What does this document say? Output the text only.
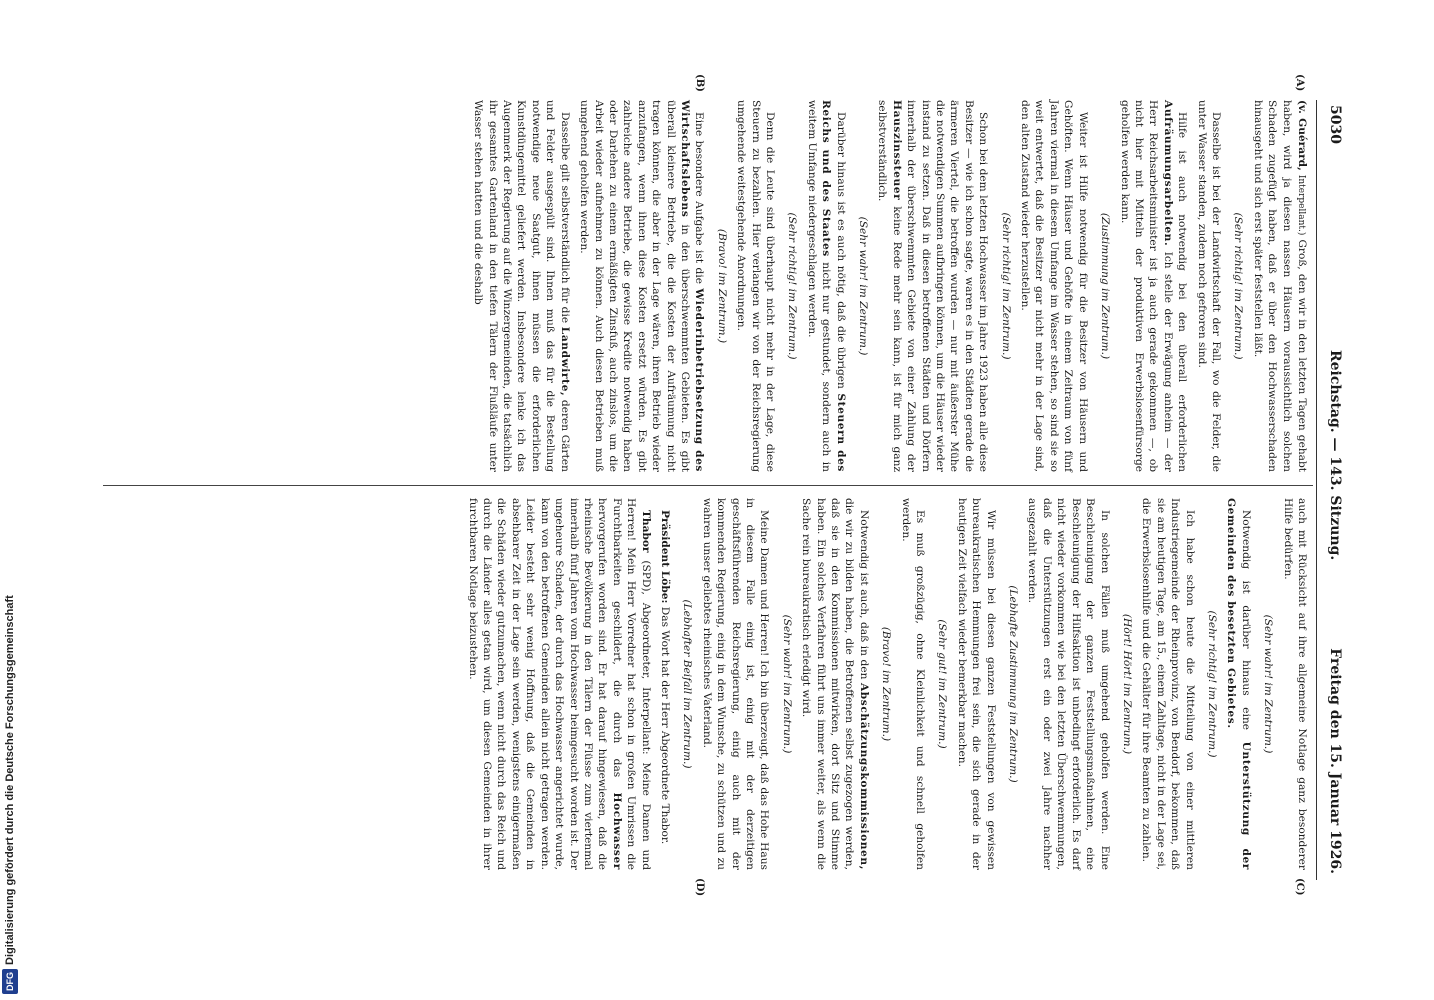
DFGDigitalisierung gefördert durch die Deutsche Forschungsgemeinschaft
5030
Reichstag. — 143. Sitzung.
Freitag den 15. Januar 1926.
(A)
(B)
(C)
(D)

(v. Guérard, Interpellant.) Groß, den wir in den letzten Tagen gehabt haben, wird ja diesen nassen Häusern voraussichtlich solchen Schaden zugefügt haben, daß er über den Hochwasserschaden hinausgeht und sich erst später feststellen läßt.

(Sehr richtig! im Zentrum.)

Dasselbe ist bei der Landwirtschaft der Fall, wo die Felder, die unter Wasser standen, zudem noch gefroren sind.

Hilfe ist auch notwendig bei den überall erforderlichen Aufräumungsarbeiten. Ich stelle der Erwägung anheim — der Herr Reichsarbeitsminister ist ja auch gerade gekommen —, ob nicht hier mit Mitteln der produktiven Erwerbslosenfürsorge geholfen werden kann.

(Zustimmung im Zentrum.)

Weiter ist Hilfe notwendig für die Besitzer von Häusern und Gehöften. Wenn Häuser und Gehöfte in einem Zeitraum von fünf Jahren viermal in diesem Umfange im Wasser stehen, so sind sie so weit entwertet, daß die Besitzer gar nicht mehr in der Lage sind, den alten Zustand wieder herzustellen.

(Sehr richtig! im Zentrum.)

Schon bei dem letzten Hochwasser im Jahre 1923 haben alle diese Besitzer — wie ich schon sagte, waren es in den Städten gerade die ärmeren Viertel, die betroffen wurden — nur mit äußerster Mühe die notwendigen Summen aufbringen können, um die Häuser wieder instand zu setzen. Daß in diesen betroffenen Städten und Dörfern innerhalb der überschwemmten Gebiete von einer Zahlung der Hauszinssteuer keine Rede mehr sein kann, ist für mich ganz selbstverständlich.

(Sehr wahr! im Zentrum.)

Darüber hinaus ist es auch nötig, daß die übrigen Steuern des Reichs und des Staates nicht nur gestundet, sondern auch in weitem Umfange niedergeschlagen werden.

(Sehr richtig! im Zentrum.)

Denn die Leute sind überhaupt nicht mehr in der Lage, diese Steuern zu bezahlen. Hier verlangen wir von der Reichsregierung umgehende weitestgehende Anordnungen.

(Bravo! im Zentrum.)

Eine besondere Aufgabe ist die Wiederinbetriebsetzung des Wirtschaftslebens in den überschwemmten Gebieten. Es gibt überall kleinere Betriebe, die die Kosten der Aufräumung nicht tragen können, die aber in der Lage wären, ihren Betrieb wieder anzufangen, wenn ihnen diese Kosten ersetzt würden. Es gibt zahlreiche andere Betriebe, die gewisse Kredite notwendig haben oder Darlehen zu einem ermäßigten Zinsfuß, auch zinslos, um die Arbeit wieder aufnehmen zu können. Auch diesen Betrieben muß umgehend geholfen werden.

Dasselbe gilt selbstverständlich für die Landwirte, deren Gärten und Felder ausgespült sind. Ihnen muß das für die Bestellung notwendige neue Saatgut, ihnen müssen die erforderlichen Kunstdüngemittel geliefert werden. Insbesondere lenke ich das Augenmerk der Regierung auf die Winzergemeinden, die tatsächlich ihr gesamtes Gartenland in den tiefen Tälern der Flußläufe unter Wasser stehen hatten und die deshalb

auch mit Rücksicht auf ihre allgemeine Notlage ganz besonderer Hilfe bedürfen.

(Sehr wahr! im Zentrum.)

Notwendig ist darüber hinaus eine Unterstützung der Gemeinden des besetzten Gebietes.

(Sehr richtig! im Zentrum.)

Ich habe schon heute die Mitteilung von einer mittleren Industriegemeinde der Rheinprovinz, von Bendorf, bekommen, daß sie am heutigen Tage, am 15., einem Zahltage, nicht in der Lage sei, die Erwerbslosenhilfe und die Gehälter für ihre Beamten zu zahlen.

(Hört! Hört! im Zentrum.)

In solchen Fällen muß umgehend geholfen werden. Eine Beschleunigung der ganzen Feststellungsmaßnahmen, eine Beschleunigung der Hilfsaktion ist unbedingt erforderlich. Es darf nicht wieder vorkommen wie bei den letzten Überschwemmungen, daß die Unterstützungen erst ein oder zwei Jahre nachher ausgezahlt werden.

(Lebhafte Zustimmung im Zentrum.)

Wir müssen bei diesen ganzen Feststellungen von gewissen bureaukratischen Hemmungen frei sein, die sich gerade in der heutigen Zeit vielfach wieder bemerkbar machen.

(Sehr gut! im Zentrum.)

Es muß großzügig, ohne Kleinlichkeit und schnell geholfen werden.

(Bravo! im Zentrum.)

Notwendig ist auch, daß in den Abschätzungskommissionen, die wir zu bilden haben, die Betroffenen selbst zugezogen werden, daß sie in den Kommissionen mitwirken, dort Sitz und Stimme haben. Ein solches Verfahren führt uns immer weiter, als wenn die Sache rein bureaukratisch erledigt wird.

(Sehr wahr! im Zentrum.)

Meine Damen und Herren! Ich bin überzeugt, daß das Hohe Haus in diesem Falle einig ist, einig mit der derzeitigen geschäftsführenden Reichsregierung, einig auch mit der kommenden Regierung, einig in dem Wunsche, zu schützen und zu wahren unser geliebtes rheinisches Vaterland.

(Lebhafter Beifall im Zentrum.)

Präsident Löbe: Das Wort hat der Herr Abgeordnete Thabor.

Thabor (SPD), Abgeordneter, Interpellant: Meine Damen und Herren! Mein Herr Vorredner hat schon in großen Umrissen die Furchtbarkeiten geschildert, die durch das Hochwasser hervorgerufen worden sind. Er hat darauf hingewiesen, daß die rheinische Bevölkerung in den Tälern der Flüsse zum viertenmal innerhalb fünf Jahren vom Hochwasser heimgesucht worden ist. Der ungeheure Schaden, der durch das Hochwasser angerichtet wurde, kann von den betroffenen Gemeinden allein nicht getragen werden. Leider besteht sehr wenig Hoffnung, daß die Gemeinden in absehbarer Zeit in der Lage sein werden, wenigstens einigermaßen die Schäden wieder gutzumachen, wenn nicht durch das Reich und durch die Länder alles getan wird, um diesen Gemeinden in ihrer furchtbaren Notlage beizustehen.
